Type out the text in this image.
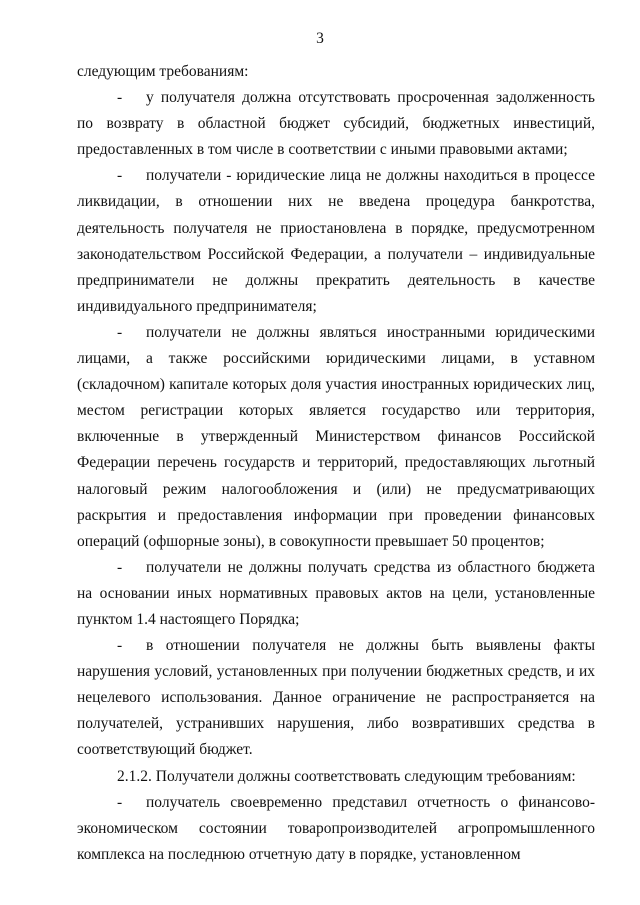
3

следующим требованиям:

- у получателя должна отсутствовать просроченная задолженность по возврату в областной бюджет субсидий, бюджетных инвестиций, предоставленных в том числе в соответствии с иными правовыми актами;

- получатели - юридические лица не должны находиться в процессе ликвидации, в отношении них не введена процедура банкротства, деятельность получателя не приостановлена в порядке, предусмотренном законодательством Российской Федерации, а получатели – индивидуальные предприниматели не должны прекратить деятельность в качестве индивидуального предпринимателя;

- получатели не должны являться иностранными юридическими лицами, а также российскими юридическими лицами, в уставном (складочном) капитале которых доля участия иностранных юридических лиц, местом регистрации которых является государство или территория, включенные в утвержденный Министерством финансов Российской Федерации перечень государств и территорий, предоставляющих льготный налоговый режим налогообложения и (или) не предусматривающих раскрытия и предоставления информации при проведении финансовых операций (офшорные зоны), в совокупности превышает 50 процентов;

- получатели не должны получать средства из областного бюджета на основании иных нормативных правовых актов на цели, установленные пунктом 1.4 настоящего Порядка;

- в отношении получателя не должны быть выявлены факты нарушения условий, установленных при получении бюджетных средств, и их нецелевого использования. Данное ограничение не распространяется на получателей, устранивших нарушения, либо возвративших средства в соответствующий бюджет.

2.1.2. Получатели должны соответствовать следующим требованиям:

- получатель своевременно представил отчетность о финансово-экономическом состоянии товаропроизводителей агропромышленного комплекса на последнюю отчетную дату в порядке, установленном
